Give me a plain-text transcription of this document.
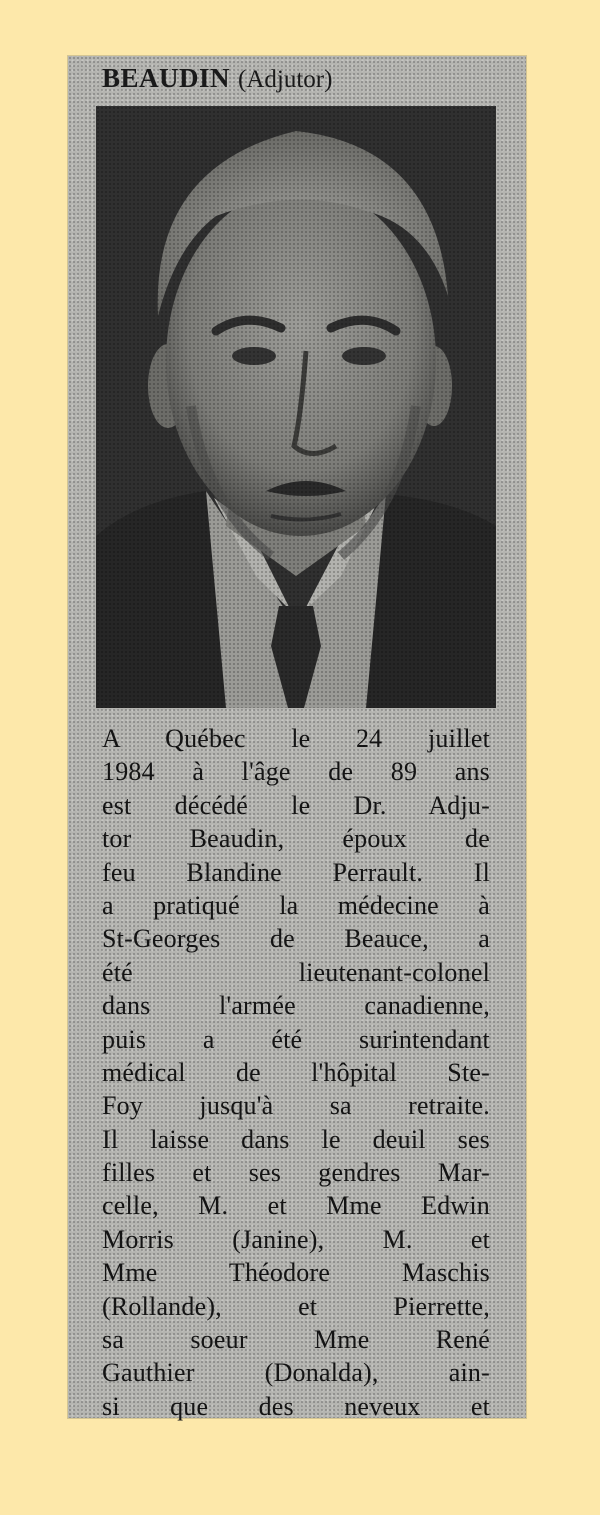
BEAUDIN (Adjutor)
A Québec le 24 juillet
1984 à l'âge de 89 ans
est décédé le Dr. Adju-
tor Beaudin, époux de
feu Blandine Perrault. Il
a pratiqué la médecine à
St-Georges de Beauce, a
été lieutenant-colonel
dans l'armée canadienne,
puis a été surintendant
médical de l'hôpital Ste-
Foy jusqu'à sa retraite.
Il laisse dans le deuil ses
filles et ses gendres Mar-
celle, M. et Mme Edwin
Morris (Janine), M. et
Mme Théodore Maschis
(Rollande), et Pierrette,
sa soeur Mme René
Gauthier (Donalda), ain-
si que des neveux et
